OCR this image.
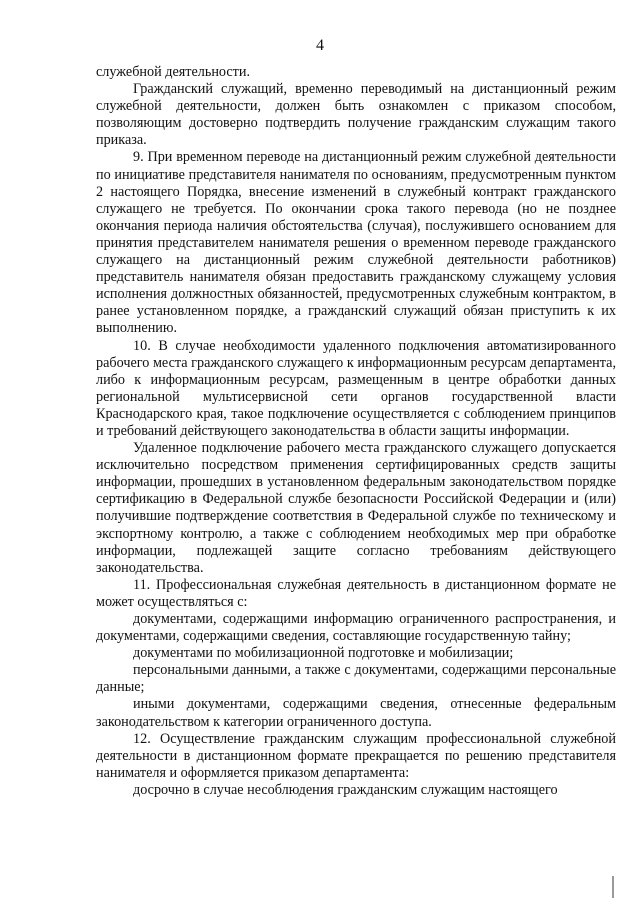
4

служебной деятельности.

Гражданский служащий, временно переводимый на дистанционный режим служебной деятельности, должен быть ознакомлен с приказом способом, позволяющим достоверно подтвердить получение гражданским служащим такого приказа.

9. При временном переводе на дистанционный режим служебной деятельности по инициативе представителя нанимателя по основаниям, предусмотренным пунктом 2 настоящего Порядка, внесение изменений в служебный контракт гражданского служащего не требуется. По окончании срока такого перевода (но не позднее окончания периода наличия обстоятельства (случая), послужившего основанием для принятия представителем нанимателя решения о временном переводе гражданского служащего на дистанционный режим служебной деятельности работников) представитель нанимателя обязан предоставить гражданскому служащему условия исполнения должностных обязанностей, предусмотренных служебным контрактом, в ранее установленном порядке, а гражданский служащий обязан приступить к их выполнению.

10. В случае необходимости удаленного подключения автоматизированного рабочего места гражданского служащего к информационным ресурсам департамента, либо к информационным ресурсам, размещенным в центре обработки данных региональной мультисервисной сети органов государственной власти Краснодарского края, такое подключение осуществляется с соблюдением принципов и требований действующего законодательства в области защиты информации.

Удаленное подключение рабочего места гражданского служащего допускается исключительно посредством применения сертифицированных средств защиты информации, прошедших в установленном федеральным законодательством порядке сертификацию в Федеральной службе безопасности Российской Федерации и (или) получившие подтверждение соответствия в Федеральной службе по техническому и экспортному контролю, а также с соблюдением необходимых мер при обработке информации, подлежащей защите согласно требованиям действующего законодательства.

11. Профессиональная служебная деятельность в дистанционном формате не может осуществляться с:

документами, содержащими информацию ограниченного распространения, и документами, содержащими сведения, составляющие государственную тайну;

документами по мобилизационной подготовке и мобилизации;

персональными данными, а также с документами, содержащими персональные данные;

иными документами, содержащими сведения, отнесенные федеральным законодательством к категории ограниченного доступа.

12. Осуществление гражданским служащим профессиональной служебной деятельности в дистанционном формате прекращается по решению представителя нанимателя и оформляется приказом департамента:

досрочно в случае несоблюдения гражданским служащим настоящего
